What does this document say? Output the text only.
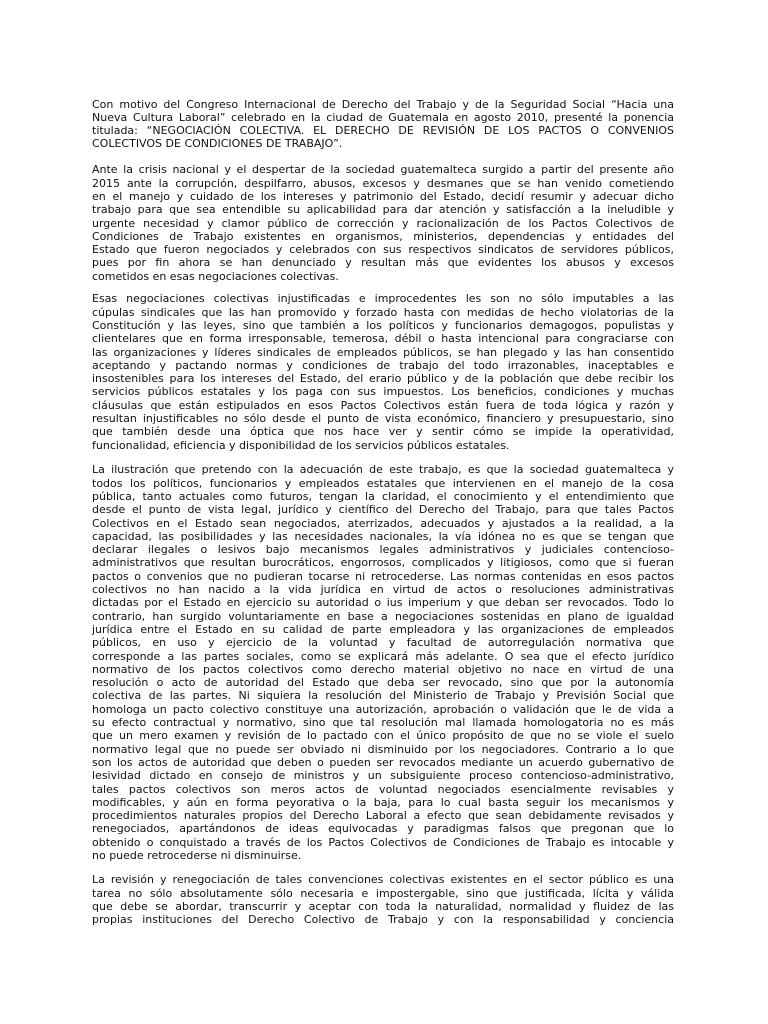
Con motivo del Congreso Internacional de Derecho del Trabajo y de la Seguridad Social “Hacia una
Nueva Cultura Laboral” celebrado en la ciudad de Guatemala en agosto 2010, presenté la ponencia
titulada: “NEGOCIACIÓN COLECTIVA. EL DERECHO DE REVISIÓN DE LOS PACTOS O CONVENIOS
COLECTIVOS DE CONDICIONES DE TRABAJO”.
Ante la crisis nacional y el despertar de la sociedad guatemalteca surgido a partir del presente año
2015 ante la corrupción, despilfarro, abusos, excesos y desmanes que se han venido cometiendo
en el manejo y cuidado de los intereses y patrimonio del Estado, decidí resumir y adecuar dicho
trabajo para que sea entendible su aplicabilidad para dar atención y satisfacción a la ineludible y
urgente necesidad y clamor público de corrección y racionalización de los Pactos Colectivos de
Condiciones de Trabajo existentes en organismos, ministerios, dependencias y entidades del
Estado que fueron negociados y celebrados con sus respectivos sindicatos de servidores públicos,
pues por fin ahora se han denunciado y resultan más que evidentes los abusos y excesos
cometidos en esas negociaciones colectivas.
Esas negociaciones colectivas injustificadas e improcedentes les son no sólo imputables a las
cúpulas sindicales que las han promovido y forzado hasta con medidas de hecho violatorias de la
Constitución y las leyes, sino que también a los políticos y funcionarios demagogos, populistas y
clientelares que en forma irresponsable, temerosa, débil o hasta intencional para congraciarse con
las organizaciones y líderes sindicales de empleados públicos, se han plegado y las han consentido
aceptando y pactando normas y condiciones de trabajo del todo irrazonables, inaceptables e
insostenibles para los intereses del Estado, del erario público y de la población que debe recibir los
servicios públicos estatales y los paga con sus impuestos. Los beneficios, condiciones y muchas
cláusulas que están estipulados en esos Pactos Colectivos están fuera de toda lógica y razón y
resultan injustificables no sólo desde el punto de vista económico, financiero y presupuestario, sino
que también desde una óptica que nos hace ver y sentir cómo se impide la operatividad,
funcionalidad, eficiencia y disponibilidad de los servicios públicos estatales.
La ilustración que pretendo con la adecuación de este trabajo, es que la sociedad guatemalteca y
todos los políticos, funcionarios y empleados estatales que intervienen en el manejo de la cosa
pública, tanto actuales como futuros, tengan la claridad, el conocimiento y el entendimiento que
desde el punto de vista legal, jurídico y científico del Derecho del Trabajo, para que tales Pactos
Colectivos en el Estado sean negociados, aterrizados, adecuados y ajustados a la realidad, a la
capacidad, las posibilidades y las necesidades nacionales, la vía idónea no es que se tengan que
declarar ilegales o lesivos bajo mecanismos legales administrativos y judiciales contencioso-
administrativos que resultan burocráticos, engorrosos, complicados y litigiosos, como que si fueran
pactos o convenios que no pudieran tocarse ni retrocederse. Las normas contenidas en esos pactos
colectivos no han nacido a la vida jurídica en virtud de actos o resoluciones administrativas
dictadas por el Estado en ejercicio su autoridad o ius imperium y que deban ser revocados. Todo lo
contrario, han surgido voluntariamente en base a negociaciones sostenidas en plano de igualdad
jurídica entre el Estado en su calidad de parte empleadora y las organizaciones de empleados
públicos, en uso y ejercicio de la voluntad y facultad de autorregulación normativa que
corresponde a las partes sociales, como se explicará más adelante. O sea que el efecto jurídico
normativo de los pactos colectivos como derecho material objetivo no nace en virtud de una
resolución o acto de autoridad del Estado que deba ser revocado, sino que por la autonomía
colectiva de las partes. Ni siquiera la resolución del Ministerio de Trabajo y Previsión Social que
homologa un pacto colectivo constituye una autorización, aprobación o validación que le de vida a
su efecto contractual y normativo, sino que tal resolución mal llamada homologatoria no es más
que un mero examen y revisión de lo pactado con el único propósito de que no se viole el suelo
normativo legal que no puede ser obviado ni disminuido por los negociadores. Contrario a lo que
son los actos de autoridad que deben o pueden ser revocados mediante un acuerdo gubernativo de
lesividad dictado en consejo de ministros y un subsiguiente proceso contencioso-administrativo,
tales pactos colectivos son meros actos de voluntad negociados esencialmente revisables y
modificables, y aún en forma peyorativa o la baja, para lo cual basta seguir los mecanismos y
procedimientos naturales propios del Derecho Laboral a efecto que sean debidamente revisados y
renegociados, apartándonos de ideas equivocadas y paradigmas falsos que pregonan que lo
obtenido o conquistado a través de los Pactos Colectivos de Condiciones de Trabajo es intocable y
no puede retrocederse ni disminuirse.
La revisión y renegociación de tales convenciones colectivas existentes en el sector público es una
tarea no sólo absolutamente sólo necesaria e impostergable, sino que justificada, lícita y válida
que debe se abordar, transcurrir y aceptar con toda la naturalidad, normalidad y fluidez de las
propias instituciones del Derecho Colectivo de Trabajo y con la responsabilidad y conciencia
